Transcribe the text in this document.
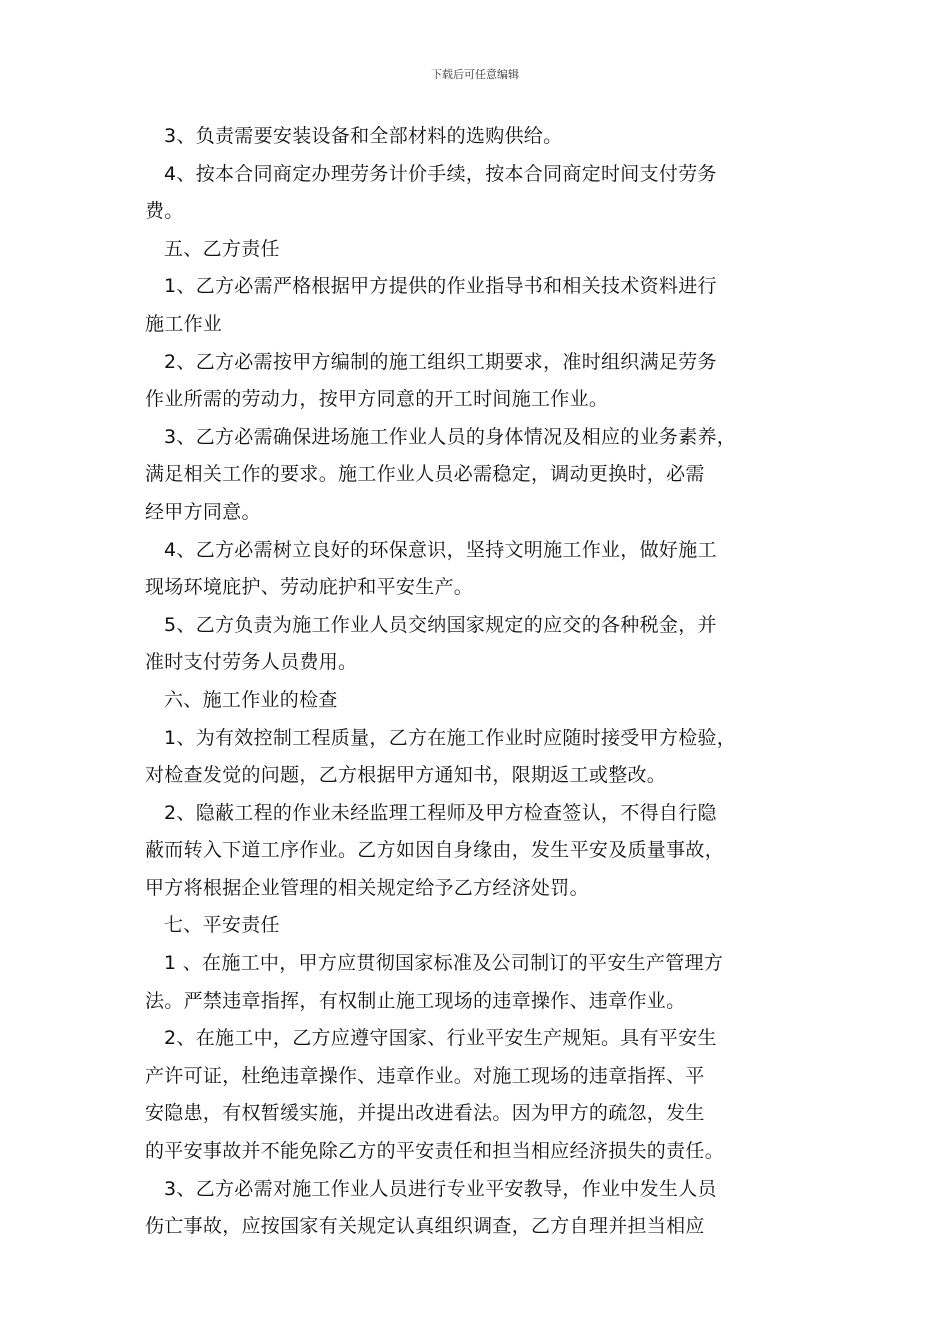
下载后可任意编辑
3、负责需要安装设备和全部材料的选购供给。
4、按本合同商定办理劳务计价手续，按本合同商定时间支付劳务
费。
五、乙方责任
1、乙方必需严格根据甲方提供的作业指导书和相关技术资料进行
施工作业
2、乙方必需按甲方编制的施工组织工期要求，准时组织满足劳务
作业所需的劳动力，按甲方同意的开工时间施工作业。
3、乙方必需确保进场施工作业人员的身体情况及相应的业务素养，
满足相关工作的要求。施工作业人员必需稳定，调动更换时，必需
经甲方同意。
4、乙方必需树立良好的环保意识，坚持文明施工作业，做好施工
现场环境庇护、劳动庇护和平安生产。
5、乙方负责为施工作业人员交纳国家规定的应交的各种税金，并
准时支付劳务人员费用。
六、施工作业的检查
1、为有效控制工程质量，乙方在施工作业时应随时接受甲方检验，
对检查发觉的问题，乙方根据甲方通知书，限期返工或整改。
2、隐蔽工程的作业未经监理工程师及甲方检查签认，不得自行隐
蔽而转入下道工序作业。乙方如因自身缘由，发生平安及质量事故，
甲方将根据企业管理的相关规定给予乙方经济处罚。
七、平安责任
1 、在施工中，甲方应贯彻国家标准及公司制订的平安生产管理方
法。严禁违章指挥，有权制止施工现场的违章操作、违章作业。
2、在施工中，乙方应遵守国家、行业平安生产规矩。具有平安生
产许可证，杜绝违章操作、违章作业。对施工现场的违章指挥、平
安隐患，有权暂缓实施，并提出改进看法。因为甲方的疏忽，发生
的平安事故并不能免除乙方的平安责任和担当相应经济损失的责任。
3、乙方必需对施工作业人员进行专业平安教导，作业中发生人员
伤亡事故，应按国家有关规定认真组织调查，乙方自理并担当相应
